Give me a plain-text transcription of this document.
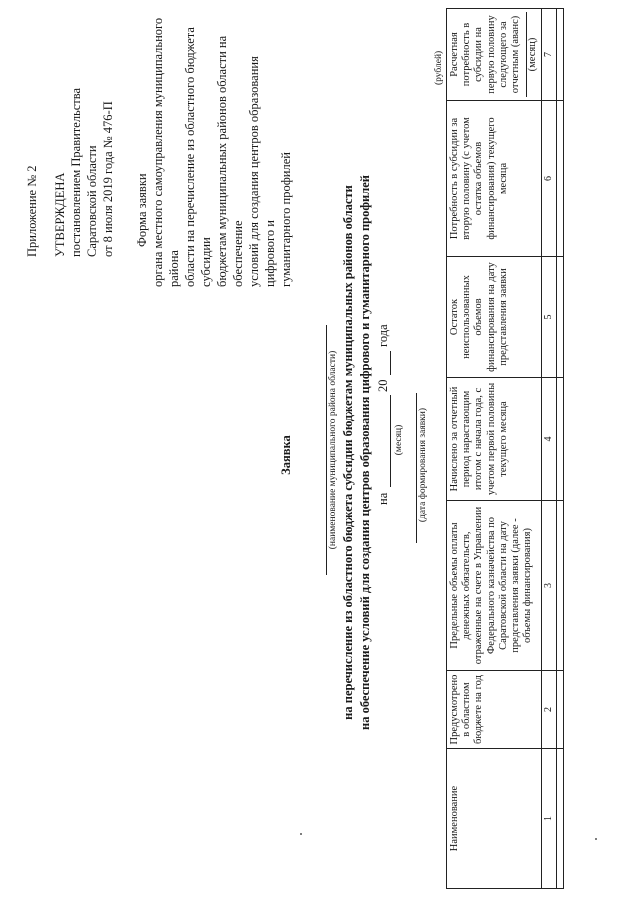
Приложение № 2 УТВЕРЖДЕНА постановлением Правительства Саратовской области от 8 июля 2019 года № 476-П Форма заявки органа местного самоуправления муниципального района области на перечисление из областного бюджета субсидии бюджетам муниципальных районов области на обеспечение условий для создания центров образования цифрового и гуманитарного профилей
Заявка	(наименование муниципального района области) на перечисление из областного бюджета субсидии бюджетам муниципальных районов области на обеспечение условий для создания центров образования цифрового и гуманитарного профилей на
20
года
(месяц) (дата формирования заявки)
(рублей)
Наименование	Предусмотрено в областном бюджете на год	Предельные объемы оплаты денежных обязательств, отраженные на счете в Управлении Федерального казначейства по Саратовской области на дату представления заявки (далее - объемы финансирования)	Начислено за отчетный период нарастающим итогом с начала года, с учетом первой половины текущего месяца	Остаток неиспользованных объемов финансирования на дату представления заявки	Потребность в субсидии за вторую половину (с учетом остатка объемов финансирования) текущего месяца	Расчетная потребность в субсидии на первую половину следующего за отчетным (аванс) (месяц)

1	2	3	4	5	6	7
